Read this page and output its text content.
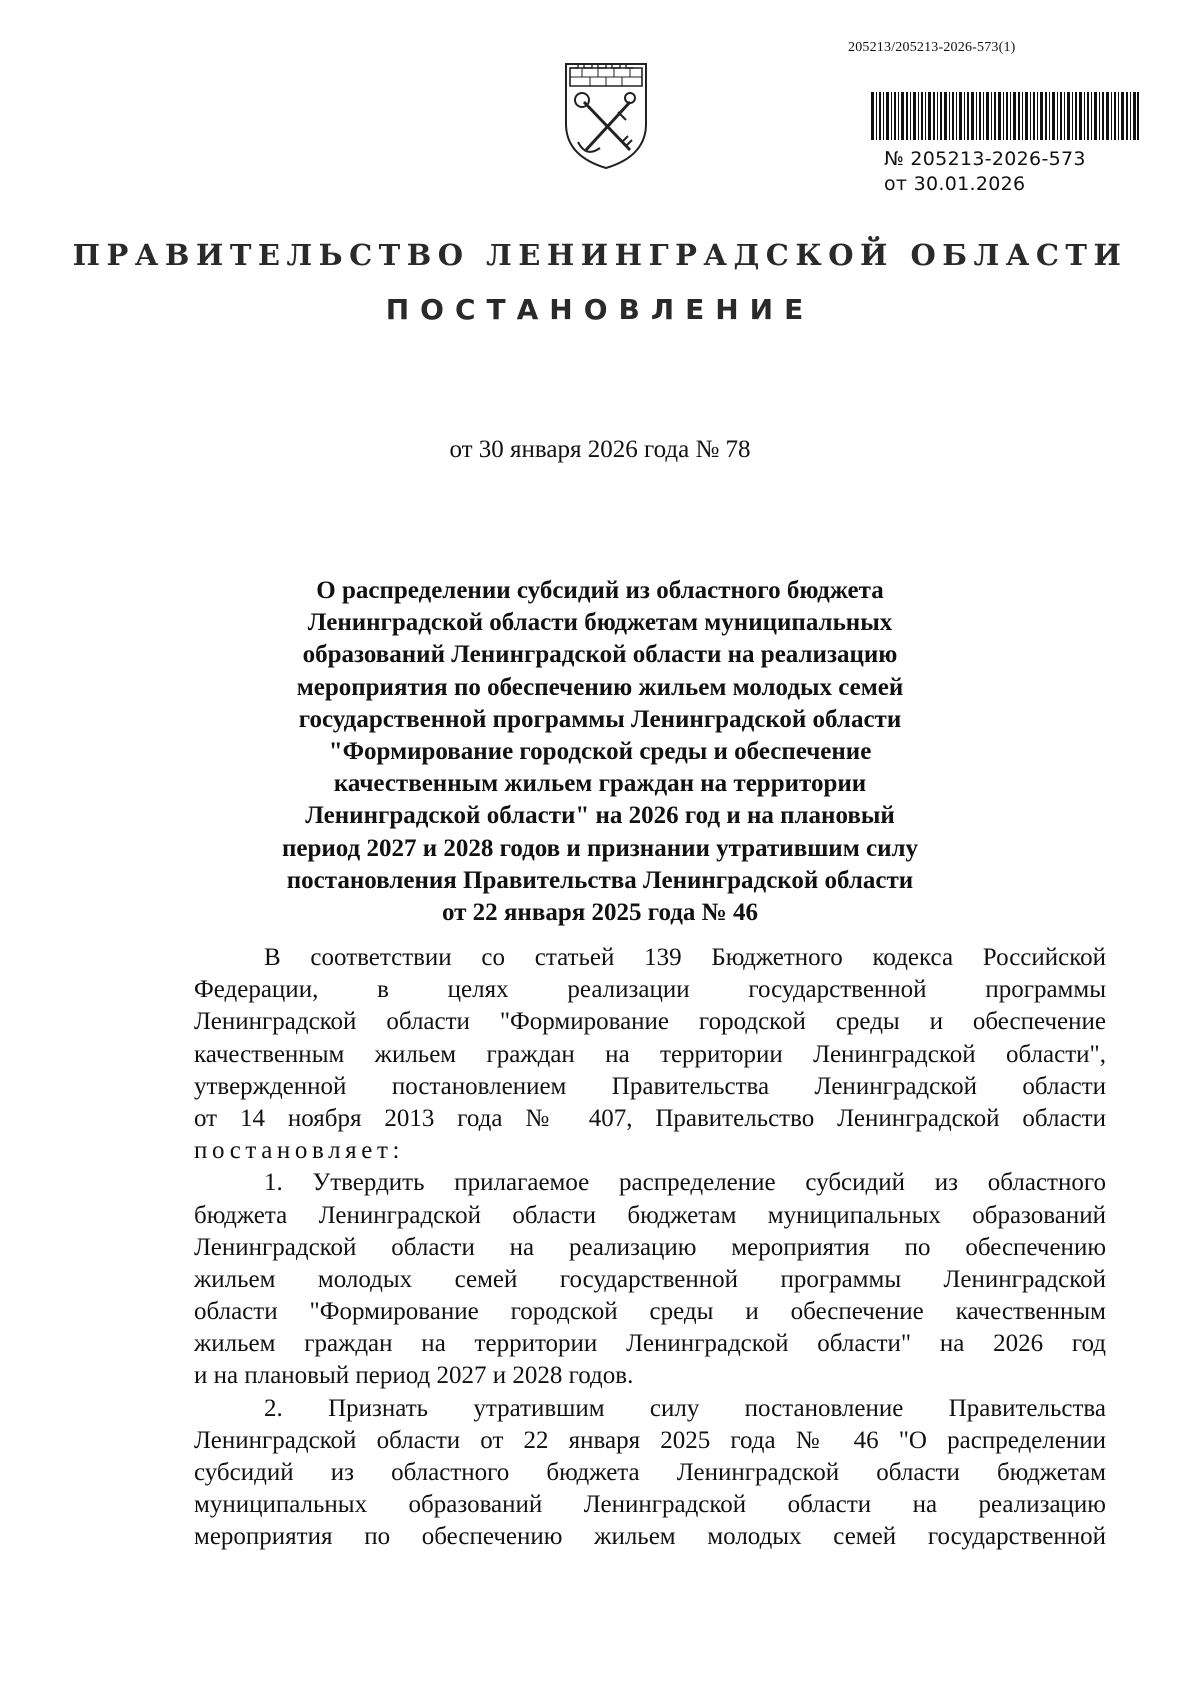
205213/205213-2026-573(1)
№ 205213-2026-573
от 30.01.2026
ПРАВИТЕЛЬСТВО ЛЕНИНГРАДСКОЙ ОБЛАСТИ
ПОСТАНОВЛЕНИЕ
от 30 января 2026 года № 78
О распределении субсидий из областного бюджета
Ленинградской области бюджетам муниципальных
образований Ленинградской области на реализацию
мероприятия по обеспечению жильем молодых семей
государственной программы Ленинградской области
"Формирование городской среды и обеспечение
качественным жильем граждан на территории
Ленинградской области" на 2026 год и на плановый
период 2027 и 2028 годов и признании утратившим силу
постановления Правительства Ленинградской области
от 22 января 2025 года № 46
В соответствии со статьей 139 Бюджетного кодекса Российской
Федерации, в целях реализации государственной программы
Ленинградской области "Формирование городской среды и обеспечение
качественным жильем граждан на территории Ленинградской области",
утвержденной постановлением Правительства Ленинградской области
от 14 ноября 2013 года № 407, Правительство Ленинградской области
постановляет:
1. Утвердить прилагаемое распределение субсидий из областного
бюджета Ленинградской области бюджетам муниципальных образований
Ленинградской области на реализацию мероприятия по обеспечению
жильем молодых семей государственной программы Ленинградской
области "Формирование городской среды и обеспечение качественным
жильем граждан на территории Ленинградской области" на 2026 год
и на плановый период 2027 и 2028 годов.
2. Признать утратившим силу постановление Правительства
Ленинградской области от 22 января 2025 года № 46 "О распределении
субсидий из областного бюджета Ленинградской области бюджетам
муниципальных образований Ленинградской области на реализацию
мероприятия по обеспечению жильем молодых семей государственной
